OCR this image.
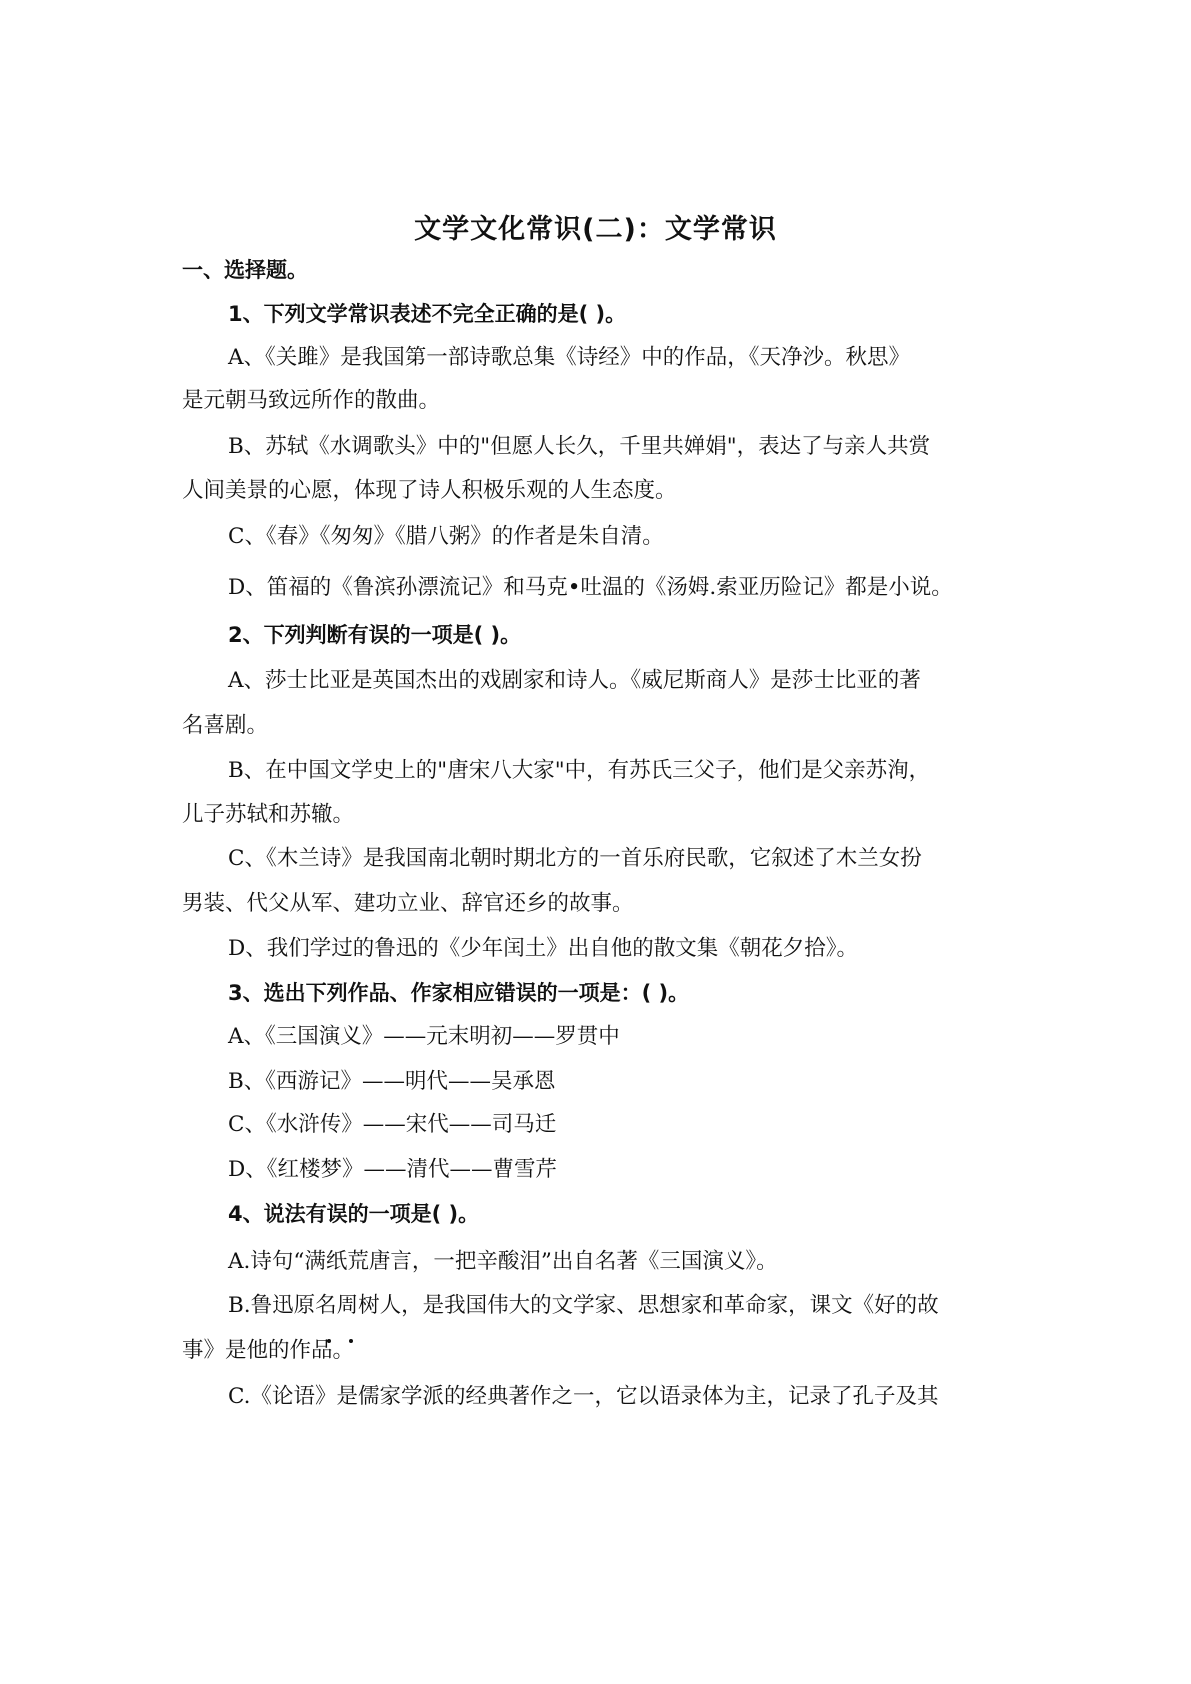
文学文化常识(二)：文学常识
一、选择题。
1、下列文学常识表述不完全正确的是( )。
A、《关雎》是我国第一部诗歌总集《诗经》中的作品，《天净沙。秋思》
是元朝马致远所作的散曲。
B、苏轼《水调歌头》中的"但愿人长久，千里共婵娟"，表达了与亲人共赏
人间美景的心愿，体现了诗人积极乐观的人生态度。
C、《春》《匆匆》《腊八粥》的作者是朱自清。
D、笛福的《鲁滨孙漂流记》和马克•吐温的《汤姆.索亚历险记》都是小说。
2、下列判断有误的一项是( )。
A、莎士比亚是英国杰出的戏剧家和诗人。《威尼斯商人》是莎士比亚的著
名喜剧。
B、在中国文学史上的"唐宋八大家"中，有苏氏三父子，他们是父亲苏洵，
儿子苏轼和苏辙。
C、《木兰诗》是我国南北朝时期北方的一首乐府民歌，它叙述了木兰女扮
男装、代父从军、建功立业、辞官还乡的故事。
D、我们学过的鲁迅的《少年闰土》出自他的散文集《朝花夕拾》。
3、选出下列作品、作家相应错误的一项是：( )。
A、《三国演义》——元末明初——罗贯中
B、《西游记》——明代——吴承恩
C、《水浒传》——宋代——司马迁
D、《红楼梦》——清代——曹雪芹
4、说法有误的一项是( )。
A.诗句“满纸荒唐言，一把辛酸泪”出自名著《三国演义》。
B.鲁迅原名周树人，是我国伟大的文学家、思想家和革命家，课文《好的故
事》是他的作品。
C.《论语》是儒家学派的经典著作之一，它以语录体为主，记录了孔子及其
